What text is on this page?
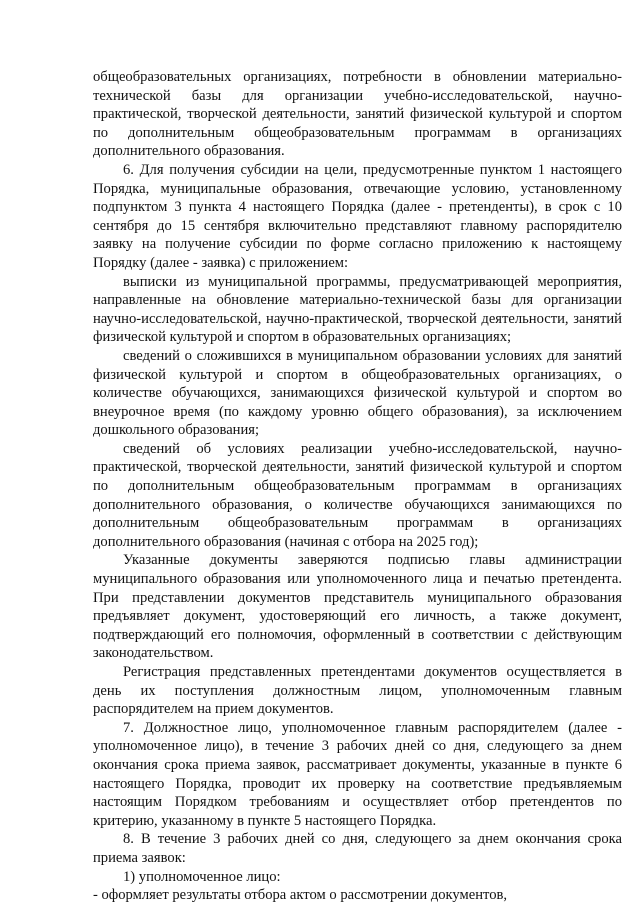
общеобразовательных организациях, потребности в обновлении материально-технической базы для организации учебно-исследовательской, научно-практической, творческой деятельности, занятий физической культурой и спортом по дополнительным общеобразовательным программам в организациях дополнительного образования.

6. Для получения субсидии на цели, предусмотренные пунктом 1 настоящего Порядка, муниципальные образования, отвечающие условию, установленному подпунктом 3 пункта 4 настоящего Порядка (далее - претенденты), в срок с 10 сентября до 15 сентября включительно представляют главному распорядителю заявку на получение субсидии по форме согласно приложению к настоящему Порядку (далее - заявка) с приложением:

выписки из муниципальной программы, предусматривающей мероприятия, направленные на обновление материально-технической базы для организации научно-исследовательской, научно-практической, творческой деятельности, занятий физической культурой и спортом в образовательных организациях;

сведений о сложившихся в муниципальном образовании условиях для занятий физической культурой и спортом в общеобразовательных организациях, о количестве обучающихся, занимающихся физической культурой и спортом во внеурочное время (по каждому уровню общего образования), за исключением дошкольного образования;

сведений об условиях реализации учебно-исследовательской, научно-практической, творческой деятельности, занятий физической культурой и спортом по дополнительным общеобразовательным программам в организациях дополнительного образования, о количестве обучающихся занимающихся по дополнительным общеобразовательным программам в организациях дополнительного образования (начиная с отбора на 2025 год);

Указанные документы заверяются подписью главы администрации муниципального образования или уполномоченного лица и печатью претендента. При представлении документов представитель муниципального образования предъявляет документ, удостоверяющий его личность, а также документ, подтверждающий его полномочия, оформленный в соответствии с действующим законодательством.

Регистрация представленных претендентами документов осуществляется в день их поступления должностным лицом, уполномоченным главным распорядителем на прием документов.

7. Должностное лицо, уполномоченное главным распорядителем (далее - уполномоченное лицо), в течение 3 рабочих дней со дня, следующего за днем окончания срока приема заявок, рассматривает документы, указанные в пункте 6 настоящего Порядка, проводит их проверку на соответствие предъявляемым настоящим Порядком требованиям и осуществляет отбор претендентов по критерию, указанному в пункте 5 настоящего Порядка.

8. В течение 3 рабочих дней со дня, следующего за днем окончания срока приема заявок:

1) уполномоченное лицо:

- оформляет результаты отбора актом о рассмотрении документов,
